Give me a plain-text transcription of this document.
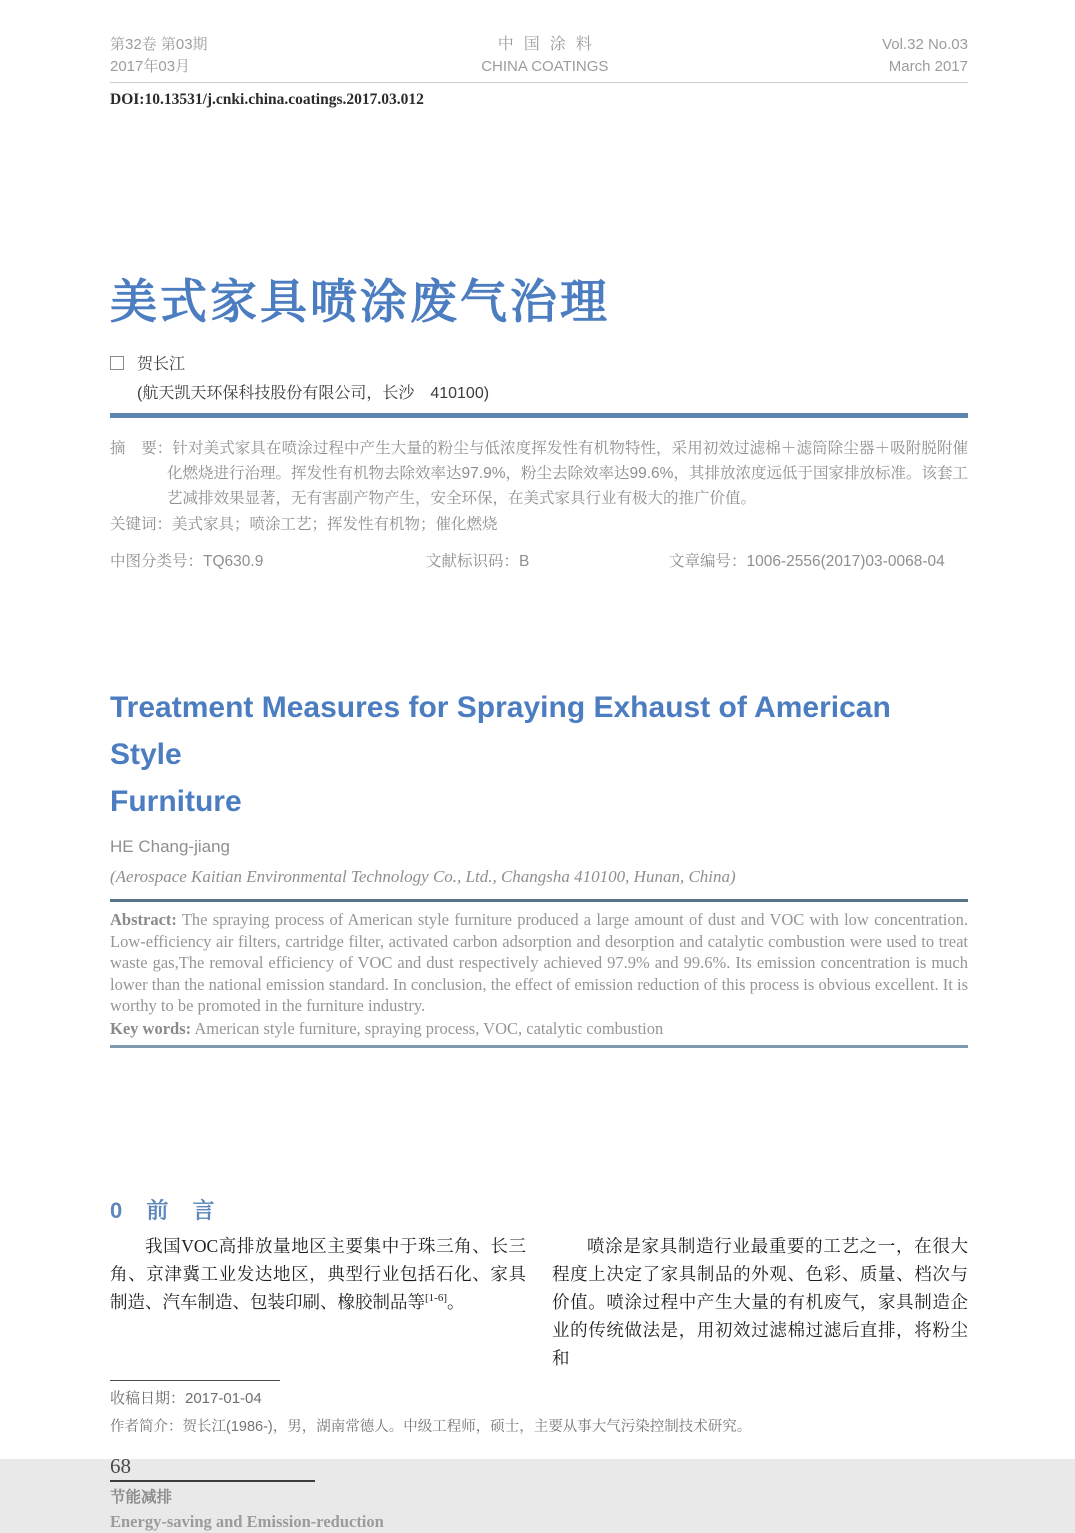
第32卷 第03期
2017年03月
中国涂料
CHINA COATINGS
Vol.32 No.03
March 2017
DOI:10.13531/j.cnki.china.coatings.2017.03.012
美式家具喷涂废气治理
贺长江
(航天凯天环保科技股份有限公司，长沙　410100)

摘　要：针对美式家具在喷涂过程中产生大量的粉尘与低浓度挥发性有机物特性，采用初效过滤棉＋滤筒除尘器＋吸附脱附催化燃烧进行治理。挥发性有机物去除效率达97.9%，粉尘去除效率达99.6%，其排放浓度远低于国家排放标准。该套工艺减排效果显著，无有害副产物产生，安全环保，在美式家具行业有极大的推广价值。

关键词：美式家具；喷涂工艺；挥发性有机物；催化燃烧

中图分类号：TQ630.9	文献标识码：B	文章编号：1006-2556(2017)03-0068-04
Treatment Measures for Spraying Exhaust of American Style
Furniture
HE Chang-jiang
(Aerospace Kaitian Environmental Technology Co., Ltd., Changsha 410100, Hunan, China)

Abstract: The spraying process of American style furniture produced a large amount of dust and VOC with low concentration. Low-efficiency air filters, cartridge filter, activated carbon adsorption and desorption and catalytic combustion were used to treat waste gas,The removal efficiency of VOC and dust respectively achieved 97.9% and 99.6%. Its emission concentration is much lower than the national emission standard. In conclusion, the effect of emission reduction of this process is obvious excellent. It is worthy to be promoted in the furniture industry.

Key words: American style furniture, spraying process, VOC, catalytic combustion

0 前 言

我国VOC高排放量地区主要集中于珠三角、长三角、京津冀工业发达地区，典型行业包括石化、家具制造、汽车制造、包装印刷、橡胶制品等[1-6]。

喷涂是家具制造行业最重要的工艺之一，在很大程度上决定了家具制品的外观、色彩、质量、档次与价值。喷涂过程中产生大量的有机废气，家具制造企业的传统做法是，用初效过滤棉过滤后直排，将粉尘和

收稿日期：2017-01-04
作者简介：贺长江(1986-)，男，湖南常德人。中级工程师，硕士，主要从事大气污染控制技术研究。
68
节能减排
Energy-saving and Emission-reduction
